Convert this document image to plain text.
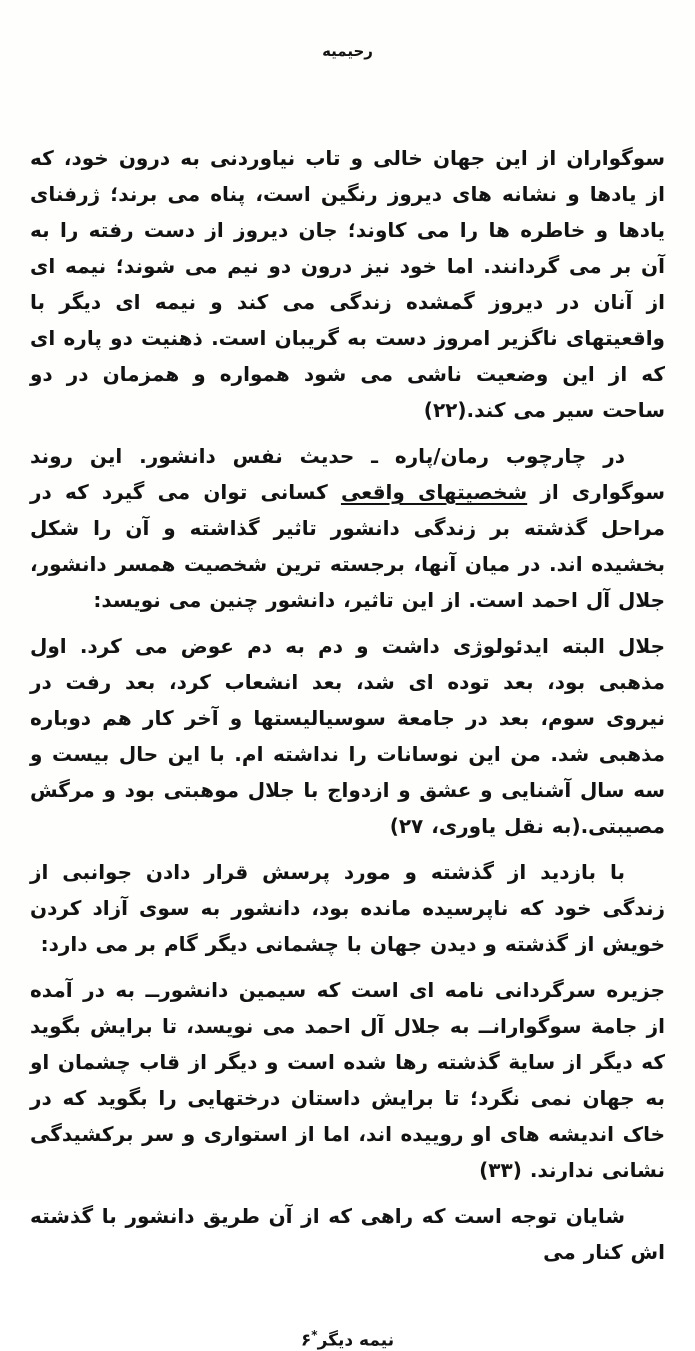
رحیمیه

سوگواران از این جهان خالی و تاب نیاوردنی به درون خود، که از یادها و نشانه های دیروز رنگین است، پناه می برند؛ ژرفنای یادها و خاطره ها را می کاوند؛ جان دیروز از دست رفته را به آن بر می گردانند. اما خود نیز درون دو نیم می شوند؛ نیمه ای از آنان در دیروز گمشده زندگی می کند و نیمه ای دیگر با واقعیتهای ناگزیر امروز دست به گریبان است. ذهنیت دو پاره ای که از این وضعیت ناشی می شود همواره و همزمان در دو ساحت سیر می کند.(۲۲)

در چارچوب رمان/پاره ـ حدیث نفس دانشور. این روند سوگواری از شخصیتهای واقعی کسانی توان می گیرد که در مراحل گذشته بر زندگی دانشور تاثیر گذاشته و آن را شکل بخشیده اند. در میان آنها، برجسته ترین شخصیت همسر دانشور، جلال آل احمد است. از این تاثیر، دانشور چنین می نویسد:

جلال البته ایدئولوژی داشت و دم به دم عوض می کرد. اول مذهبی بود، بعد توده ای شد، بعد انشعاب کرد، بعد رفت در نیروی سوم، بعد در جامعة سوسیالیستها و آخر کار هم دوباره مذهبی شد. من این نوسانات را نداشته ام. با این حال بیست و سه سال آشنایی و عشق و ازدواج با جلال موهبتی بود و مرگش مصیبتی.(به نقل یاوری، ۲۷)

با بازدید از گذشته و مورد پرسش قرار دادن جوانبی از زندگی خود که ناپرسیده مانده بود، دانشور به سوی آزاد کردن خویش از گذشته و دیدن جهان با چشمانی دیگر گام بر می دارد:

جزیره سرگردانی نامه ای است که سیمین دانشورــ به در آمده از جامة سوگوارانــ به جلال آل احمد می نویسد، تا برایش بگوید که دیگر از سایة گذشته رها شده است و دیگر از قاب چشمان او به جهان نمی نگرد؛ تا برایش داستان درختهایی را بگوید که در خاک اندیشه های او روییده اند، اما از استواری و سر برکشیدگی نشانی ندارند. (۳۳)

شایان توجه است که راهی که از آن طریق دانشور با گذشته اش کنار می

نیمه دیگر*۶
